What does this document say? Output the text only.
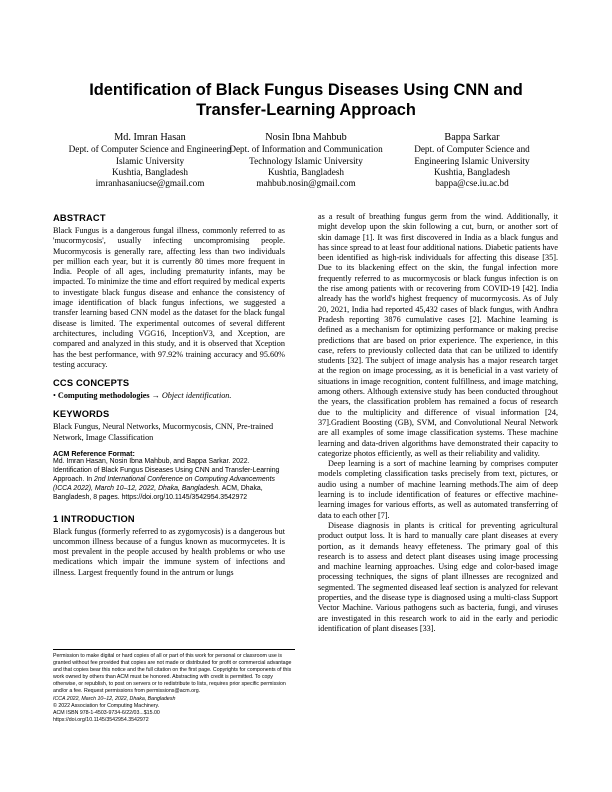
Identification of Black Fungus Diseases Using CNN and Transfer-Learning Approach
Md. Imran Hasan
Dept. of Computer Science and Engineering Islamic University
Kushtia, Bangladesh
imranhasaniucse@gmail.com
Nosin Ibna Mahbub
Dept. of Information and Communication Technology Islamic University
Kushtia, Bangladesh
mahbub.nosin@gmail.com
Bappa Sarkar
Dept. of Computer Science and Engineering Islamic University
Kushtia, Bangladesh
bappa@cse.iu.ac.bd
ABSTRACT

Black Fungus is a dangerous fungal illness, commonly referred to as 'mucormycosis', usually infecting uncompromising people. Mucormycosis is generally rare, affecting less than two individuals per million each year, but it is currently 80 times more frequent in India. People of all ages, including prematurity infants, may be impacted. To minimize the time and effort required by medical experts to investigate black fungus disease and enhance the consistency of image identification of black fungus infections, we suggested a transfer learning based CNN model as the dataset for the black fungal disease is limited. The experimental outcomes of several different architectures, including VGG16, InceptionV3, and Xception, are compared and analyzed in this study, and it is observed that Xception has the best performance, with 97.92% training accuracy and 95.60% testing accuracy.

CCS CONCEPTS

• Computing methodologies → Object identification.

KEYWORDS

Black Fungus, Neural Networks, Mucormycosis, CNN, Pre-trained Network, Image Classification

ACM Reference Format:

Md. Imran Hasan, Nosin Ibna Mahbub, and Bappa Sarkar. 2022. Identification of Black Fungus Diseases Using CNN and Transfer-Learning Approach. In 2nd International Conference on Computing Advancements (ICCA 2022), March 10–12, 2022, Dhaka, Bangladesh. ACM, Dhaka, Bangladesh, 8 pages. https://doi.org/10.1145/3542954.3542972

1 INTRODUCTION

Black fungus (formerly referred to as zygomycosis) is a dangerous but uncommon illness because of a fungus known as mucormycetes. It is most prevalent in the people accused by health problems or who use medications which impair the immune system of infections and illness. Largest frequently found in the antrum or lungs

as a result of breathing fungus germ from the wind. Additionally, it might develop upon the skin following a cut, burn, or another sort of skin damage [1]. It was first discovered in India as a black fungus and has since spread to at least four additional nations. Diabetic patients have been identified as high-risk individuals for affecting this disease [35]. Due to its blackening effect on the skin, the fungal infection more frequently referred to as mucormycosis or black fungus infection is on the rise among patients with or recovering from COVID-19 [42]. India already has the world's highest frequency of mucormycosis. As of July 20, 2021, India had reported 45,432 cases of black fungus, with Andhra Pradesh reporting 3876 cumulative cases [2]. Machine learning is defined as a mechanism for optimizing performance or making precise predictions that are based on prior experience. The experience, in this case, refers to previously collected data that can be utilized to identify students [32]. The subject of image analysis has a major research target at the region on image processing, as it is beneficial in a vast variety of situations in image recognition, content fulfillness, and image matching, among others. Although extensive study has been conducted throughout the years, the classification problem has remained a focus of research due to the multiplicity and difference of visual information [24, 37].Gradient Boosting (GB), SVM, and Convolutional Neural Network are all examples of some image classification systems. These machine learning and data-driven algorithms have demonstrated their capacity to categorize photos efficiently, as well as their reliability and validity.

Deep learning is a sort of machine learning by comprises computer models completing classification tasks precisely from text, pictures, or audio using a number of machine learning methods.The aim of deep learning is to include identification of features or effective machine-learning images for various efforts, as well as automated transferring of data to each other [7].

Disease diagnosis in plants is critical for preventing agricultural product output loss. It is hard to manually care plant diseases at every portion, as it demands heavy effeteness. The primary goal of this research is to assess and detect plant diseases using image processing and machine learning approaches. Using edge and color-based image processing techniques, the signs of plant illnesses are recognized and segmented. The segmented diseased leaf section is analyzed for relevant properties, and the disease type is diagnosed using a multi-class Support Vector Machine. Various pathogens such as bacteria, fungi, and viruses are investigated in this research work to aid in the early and periodic identification of plant diseases [33].

Permission to make digital or hard copies of all or part of this work for personal or classroom use is granted without fee provided that copies are not made or distributed for profit or commercial advantage and that copies bear this notice and the full citation on the first page. Copyrights for components of this work owned by others than ACM must be honored. Abstracting with credit is permitted. To copy otherwise, or republish, to post on servers or to redistribute to lists, requires prior specific permission and/or a fee. Request permissions from permissions@acm.org.

ICCA 2022, March 10–12, 2022, Dhaka, Bangladesh

© 2022 Association for Computing Machinery.

ACM ISBN 978-1-4503-9734-6/22/03...$15.00

https://doi.org/10.1145/3542954.3542972
